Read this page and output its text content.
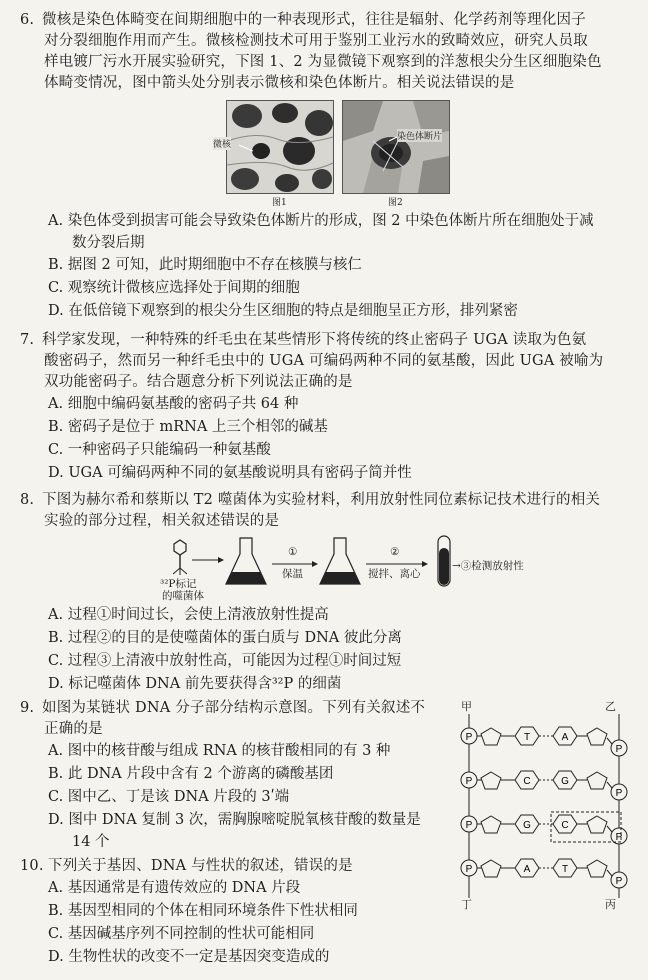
6. 微核是染色体畸变在间期细胞中的一种表现形式，往往是辐射、化学药剂等理化因子
对分裂细胞作用而产生。微核检测技术可用于鉴别工业污水的致畸效应，研究人员取
样电镀厂污水开展实验研究，下图 1、2 为显微镜下观察到的洋葱根尖分生区细胞染色
体畸变情况，图中箭头处分别表示微核和染色体断片。相关说法错误的是
微核
图1
染色体断片
图2
A. 染色体受到损害可能会导致染色体断片的形成，图 2 中染色体断片所在细胞处于减
数分裂后期
B. 据图 2 可知，此时期细胞中不存在核膜与核仁
C. 观察统计微核应选择处于间期的细胞
D. 在低倍镜下观察到的根尖分生区细胞的特点是细胞呈正方形，排列紧密
7. 科学家发现，一种特殊的纤毛虫在某些情形下将传统的终止密码子 UGA 读取为色氨
酸密码子，然而另一种纤毛虫中的 UGA 可编码两种不同的氨基酸，因此 UGA 被喻为
双功能密码子。结合题意分析下列说法正确的是
A. 细胞中编码氨基酸的密码子共 64 种
B. 密码子是位于 mRNA 上三个相邻的碱基
C. 一种密码子只能编码一种氨基酸
D. UGA 可编码两种不同的氨基酸说明具有密码子简并性
8. 下图为赫尔希和蔡斯以 T2 噬菌体为实验材料，利用放射性同位素标记技术进行的相关
实验的部分过程，相关叙述错误的是
³²P标记
的噬菌体
①
保温
②
搅拌、离心
→③检测放射性
A. 过程①时间过长，会使上清液放射性提高
B. 过程②的目的是使噬菌体的蛋白质与 DNA 彼此分离
C. 过程③上清液中放射性高，可能因为过程①时间过短
D. 标记噬菌体 DNA 前先要获得含³²P 的细菌
9. 如图为某链状 DNA 分子部分结构示意图。下列有关叙述不
正确的是
A. 图中的核苷酸与组成 RNA 的核苷酸相同的有 3 种
B. 此 DNA 片段中含有 2 个游离的磷酸基团
C. 图中乙、丁是该 DNA 片段的 3ʹ端
D. 图中 DNA 复制 3 次，需胸腺嘧啶脱氧核苷酸的数量是
14 个
P
P
T	A
P
P
C	G
P
P
G	C
P
P
A	T
甲	乙
丁	丙
10. 下列关于基因、DNA 与性状的叙述，错误的是
A. 基因通常是有遗传效应的 DNA 片段
B. 基因型相同的个体在相同环境条件下性状相同
C. 基因碱基序列不同控制的性状可能相同
D. 生物性状的改变不一定是基因突变造成的
